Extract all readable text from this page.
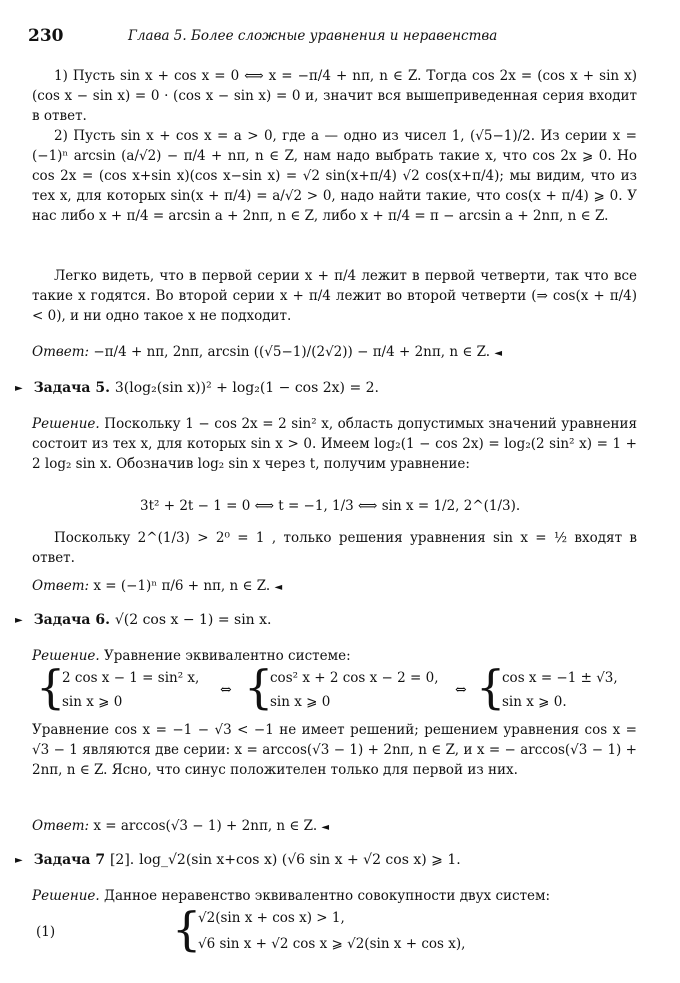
230	Глава 5. Более сложные уравнения и неравенства
1) Пусть sin x + cos x = 0 ⟺ x = −π/4 + nπ, n ∈ Z. Тогда cos 2x = (cos x + sin x)(cos x − sin x) = 0 · (cos x − sin x) = 0 и, значит вся вышеприведенная серия входит в ответ.
2) Пусть sin x + cos x = a > 0, где a — одно из чисел 1, (√5−1)/2. Из серии x = (−1)ⁿ arcsin (a/√2) − π/4 + nπ, n ∈ Z, нам надо выбрать такие x, что cos 2x ⩾ 0. Но cos 2x = (cos x+sin x)(cos x−sin x) = √2 sin(x+π/4) √2 cos(x+π/4); мы видим, что из тех x, для которых sin(x + π/4) = a/√2 > 0, надо найти такие, что cos(x + π/4) ⩾ 0. У нас либо x + π/4 = arcsin a + 2nπ, n ∈ Z, либо x + π/4 = π − arcsin a + 2nπ, n ∈ Z.
Легко видеть, что в первой серии x + π/4 лежит в первой четверти, так что все такие x годятся. Во второй серии x + π/4 лежит во второй четверти (⇒ cos(x + π/4) < 0), и ни одно такое x не подходит.
Ответ: −π/4 + nπ, 2nπ, arcsin ((√5−1)/(2√2)) − π/4 + 2nπ, n ∈ Z. ◄
► Задача 5. 3(log₂(sin x))² + log₂(1 − cos 2x) = 2.
Решение. Поскольку 1 − cos 2x = 2 sin² x, область допустимых значений уравнения состоит из тех x, для которых sin x > 0. Имеем log₂(1 − cos 2x) = log₂(2 sin² x) = 1 + 2 log₂ sin x. Обозначив log₂ sin x через t, получим уравнение:
3t² + 2t − 1 = 0 ⟺ t = −1, 1/3 ⟺ sin x = 1/2, 2^(1/3).
Поскольку 2^(1/3) > 2⁰ = 1 , только решения уравнения sin x = ½ входят в ответ.
Ответ: x = (−1)ⁿ π/6 + nπ, n ∈ Z. ◄
► Задача 6. √(2 cos x − 1) = sin x.
Решение. Уравнение эквивалентно системе:
{
2 cos x − 1 = sin² x,
sin x ⩾ 0
⇔ {
cos² x + 2 cos x − 2 = 0,
sin x ⩾ 0
⇔ {
cos x = −1 ± √3,
sin x ⩾ 0.
Уравнение cos x = −1 − √3 < −1 не имеет решений; решением уравнения cos x = √3 − 1 являются две серии: x = arccos(√3 − 1) + 2nπ, n ∈ Z, и x = − arccos(√3 − 1) + 2nπ, n ∈ Z. Ясно, что синус положителен только для первой из них.
Ответ: x = arccos(√3 − 1) + 2nπ, n ∈ Z. ◄
► Задача 7 [2]. log_√2(sin x+cos x) (√6 sin x + √2 cos x) ⩾ 1.
Решение. Данное неравенство эквивалентно совокупности двух систем:
(1)	{
√2(sin x + cos x) > 1,
√6 sin x + √2 cos x ⩾ √2(sin x + cos x),
